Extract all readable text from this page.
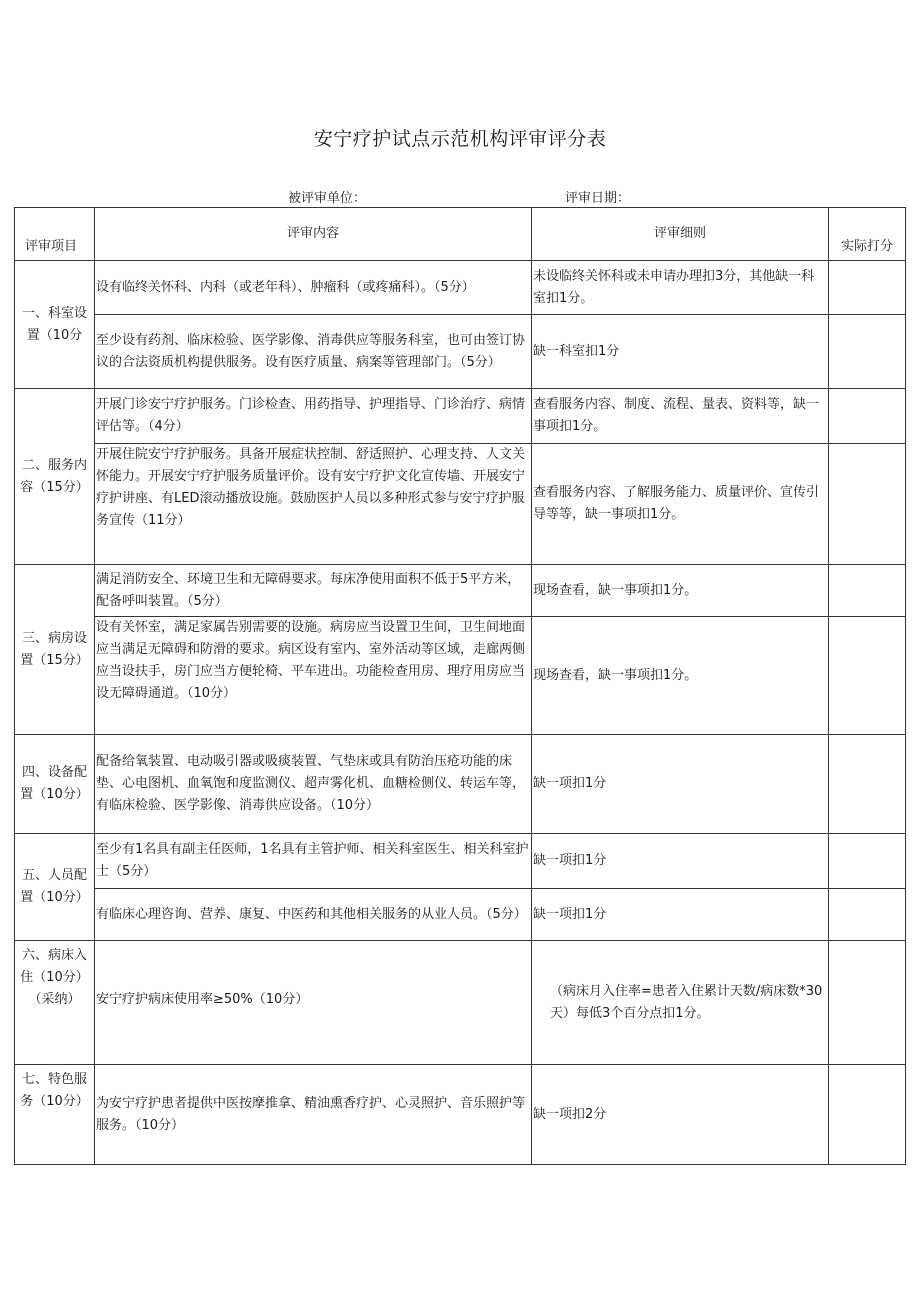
安宁疗护试点示范机构评审评分表
被评审单位：	评审日期：
评审项目	评审内容	评审细则	实际打分
一、科室设置（10分	设有临终关怀科、内科（或老年科）、肿瘤科（或疼痛科）。（5分）	未设临终关怀科或未申请办理扣3分，其他缺一科室扣1分。	
	至少设有药剂、临床检验、医学影像、消毒供应等服务科室，也可由签订协议的合法资质机构提供服务。设有医疗质量、病案等管理部门。（5分）	缺一科室扣1分	
二、服务内容（15分）	开展门诊安宁疗护服务。门诊检查、用药指导、护理指导、门诊治疗、病情评估等。（4分）	查看服务内容、制度、流程、量表、资料等，缺一事项扣1分。	
	开展住院安宁疗护服务。具备开展症状控制、舒适照护、心理支持、人文关怀能力。开展安宁疗护服务质量评价。设有安宁疗护文化宣传墙、开展安宁疗护讲座、有LED滚动播放设施。鼓励医护人员以多种形式参与安宁疗护服务宣传（11分）	查看服务内容、了解服务能力、质量评价、宣传引导等等，缺一事项扣1分。	
三、病房设置（15分）	满足消防安全、环境卫生和无障碍要求。每床净使用面积不低于5平方米，配备呼叫装置。（5分）	现场查看，缺一事项扣1分。	
	设有关怀室，满足家属告别需要的设施。病房应当设置卫生间，卫生间地面应当满足无障碍和防滑的要求。病区设有室内、室外活动等区域，走廊两侧应当设扶手，房门应当方便轮椅、平车进出。功能检查用房、理疗用房应当设无障碍通道。（10分）	现场查看，缺一事项扣1分。	
四、设备配置（10分）	配备给氧装置、电动吸引器或吸痰装置、气垫床或具有防治压疮功能的床垫、心电图机、血氧饱和度监测仪、超声雾化机、血糖检侧仪、转运车等，有临床检验、医学影像、消毒供应设备。（10分）	缺一项扣1分	
五、人员配置（10分）	至少有1名具有副主任医师，1名具有主管护师、相关科室医生、相关科室护士（5分）	缺一项扣1分	
	有临床心理咨询、营养、康复、中医药和其他相关服务的从业人员。（5分）	缺一项扣1分	
六、病床入住（10分）（采纳）	安宁疗护病床使用率≥50%（10分）	（病床月入住率=患者入住累计天数/病床数*30天）每低3个百分点扣1分。	
七、特色服务（10分）	为安宁疗护患者提供中医按摩推拿、精油熏香疗护、心灵照护、音乐照护等服务。（10分）	缺一项扣2分	
